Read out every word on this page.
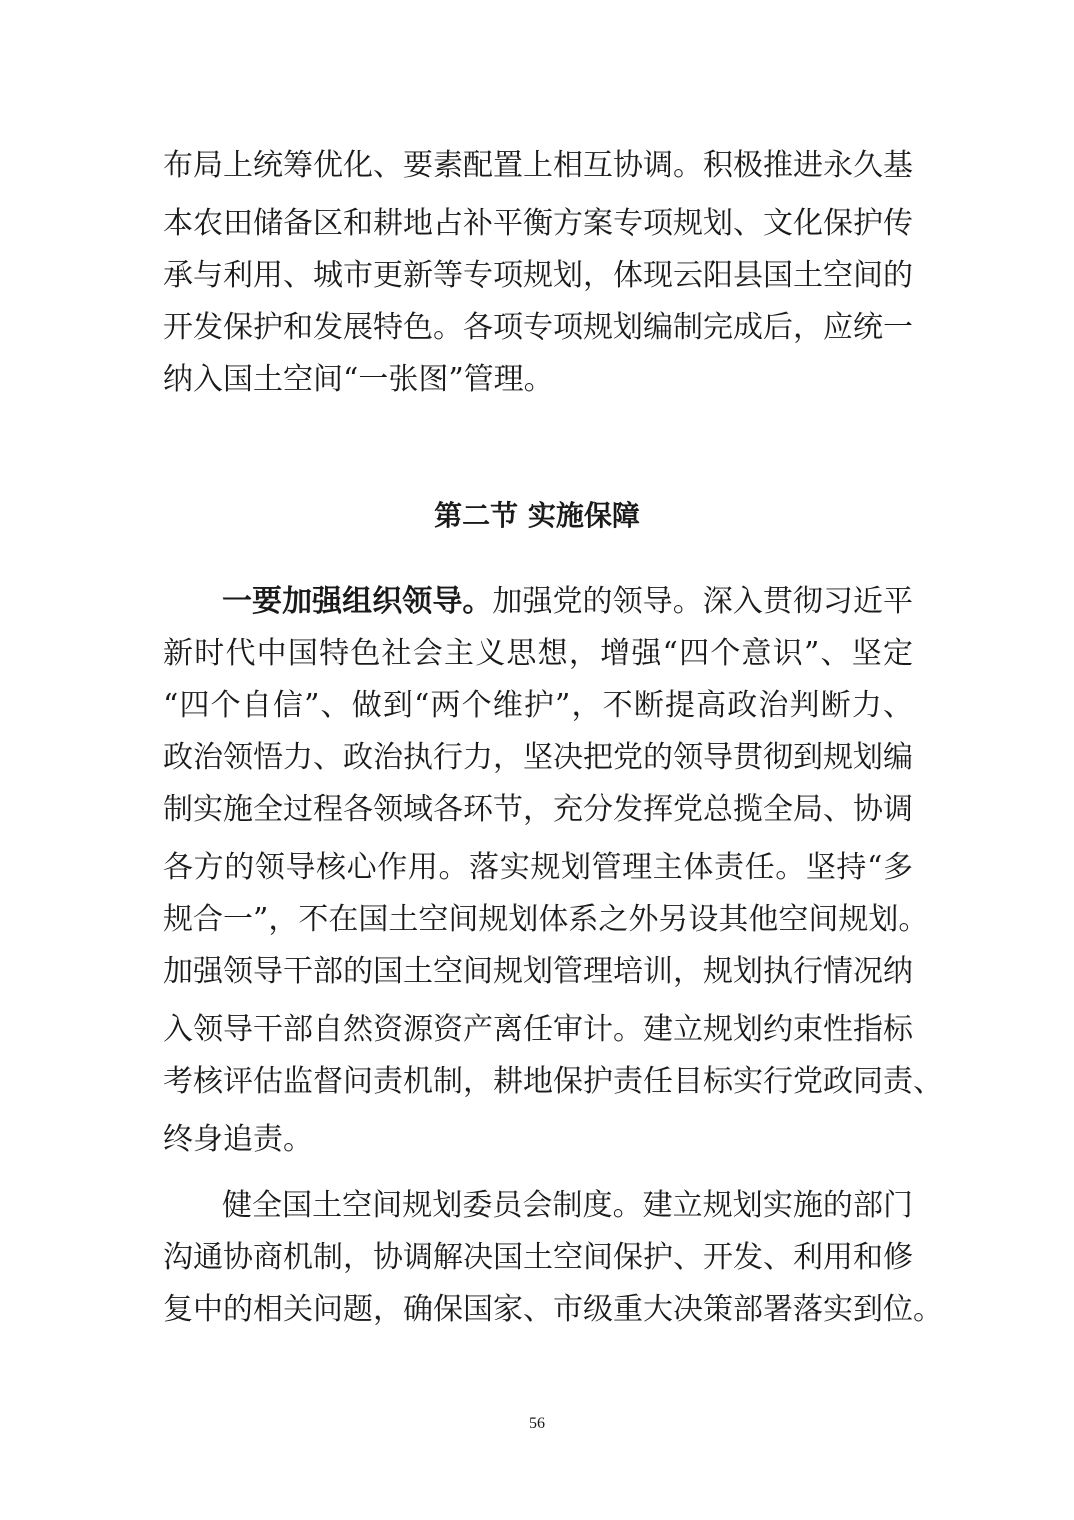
布局上统筹优化、要素配置上相互协调。积极推进永久基
本农田储备区和耕地占补平衡方案专项规划、文化保护传
承与利用、城市更新等专项规划，体现云阳县国土空间的
开发保护和发展特色。各项专项规划编制完成后，应统一
纳入国土空间“一张图”管理。
第二节 实施保障
一要加强组织领导。加强党的领导。深入贯彻习近平
新时代中国特色社会主义思想，增强“四个意识”、坚定
“四个自信”、做到“两个维护”，不断提高政治判断力、
政治领悟力、政治执行力，坚决把党的领导贯彻到规划编
制实施全过程各领域各环节，充分发挥党总揽全局、协调
各方的领导核心作用。落实规划管理主体责任。坚持“多
规合一”，不在国土空间规划体系之外另设其他空间规划。
加强领导干部的国土空间规划管理培训，规划执行情况纳
入领导干部自然资源资产离任审计。建立规划约束性指标
考核评估监督问责机制，耕地保护责任目标实行党政同责、
终身追责。
健全国土空间规划委员会制度。建立规划实施的部门
沟通协商机制，协调解决国土空间保护、开发、利用和修
复中的相关问题，确保国家、市级重大决策部署落实到位。
56
